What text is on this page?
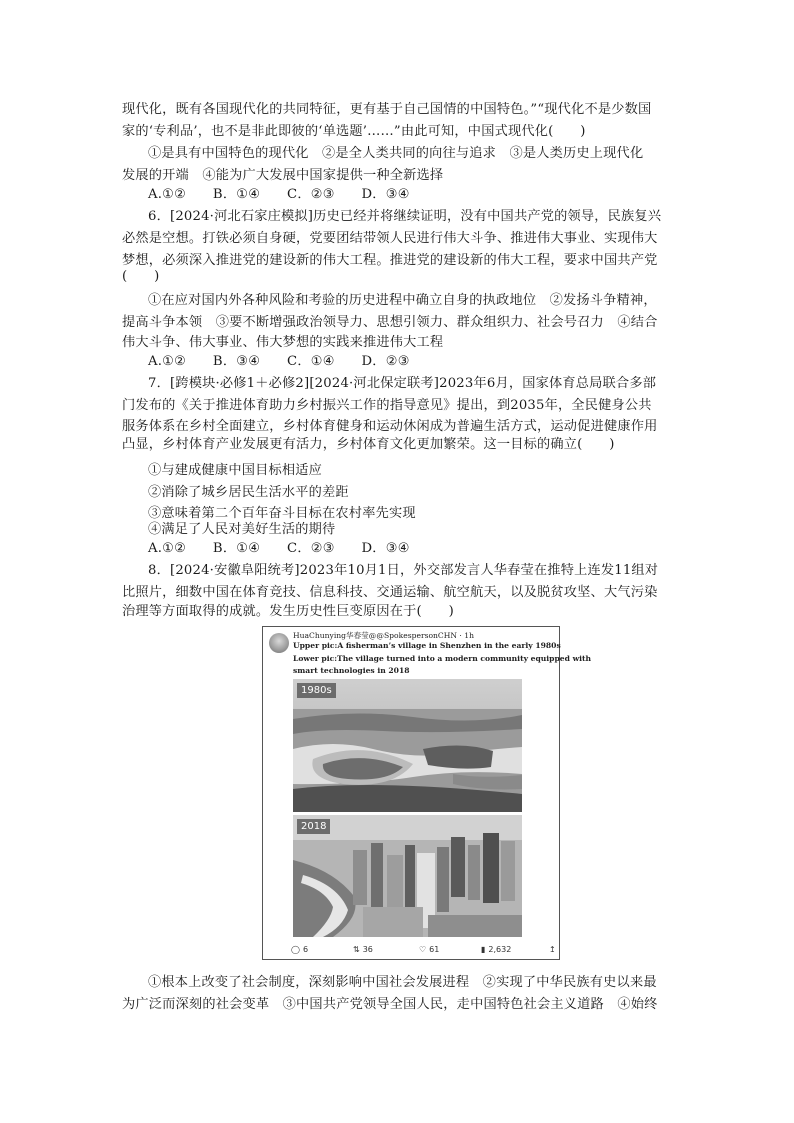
现代化，既有各国现代化的共同特征，更有基于自己国情的中国特色。”“现代化不是少数国
家的‘专利品’，也不是非此即彼的‘单选题’……”由此可知，中国式现代化(　　)
①是具有中国特色的现代化　②是全人类共同的向往与追求　③是人类历史上现代化
发展的开端　④能为广大发展中国家提供一种全新选择
A.①②　　B．①④　　C．②③　　D．③④
6．[2024·河北石家庄模拟]历史已经并将继续证明，没有中国共产党的领导，民族复兴
必然是空想。打铁必须自身硬，党要团结带领人民进行伟大斗争、推进伟大事业、实现伟大
梦想，必须深入推进党的建设新的伟大工程。推进党的建设新的伟大工程，要求中国共产党
(　　)
①在应对国内外各种风险和考验的历史进程中确立自身的执政地位　②发扬斗争精神，
提高斗争本领　③要不断增强政治领导力、思想引领力、群众组织力、社会号召力　④结合
伟大斗争、伟大事业、伟大梦想的实践来推进伟大工程
A.①②　　B．③④　　C．①④　　D．②③
7．[跨模块·必修1＋必修2][2024·河北保定联考]2023年6月，国家体育总局联合多部
门发布的《关于推进体育助力乡村振兴工作的指导意见》提出，到2035年，全民健身公共
服务体系在乡村全面建立，乡村体育健身和运动休闲成为普遍生活方式，运动促进健康作用
凸显，乡村体育产业发展更有活力，乡村体育文化更加繁荣。这一目标的确立(　　)
①与建成健康中国目标相适应
②消除了城乡居民生活水平的差距
③意味着第二个百年奋斗目标在农村率先实现
④满足了人民对美好生活的期待
A.①②　　B．①④　　C．②③　　D．③④
8．[2024·安徽阜阳统考]2023年10月1日，外交部发言人华春莹在推特上连发11组对
比照片，细数中国在体育竞技、信息科技、交通运输、航空航天，以及脱贫攻坚、大气污染
治理等方面取得的成就。发生历史性巨变原因在于(　　)
HuaChunying华春莹@@SpokespersonCHN · 1h
Upper pic:A fisherman’s village in Shenzhen in the early 1980s
Lower pic:The village turned into a modern community equipped with
smart technologies in 2018
1980s
2018
◯ 6	⇅ 36	♡ 61	▮ 2,632	↥
①根本上改变了社会制度，深刻影响中国社会发展进程　②实现了中华民族有史以来最
为广泛而深刻的社会变革　③中国共产党领导全国人民，走中国特色社会主义道路　④始终
